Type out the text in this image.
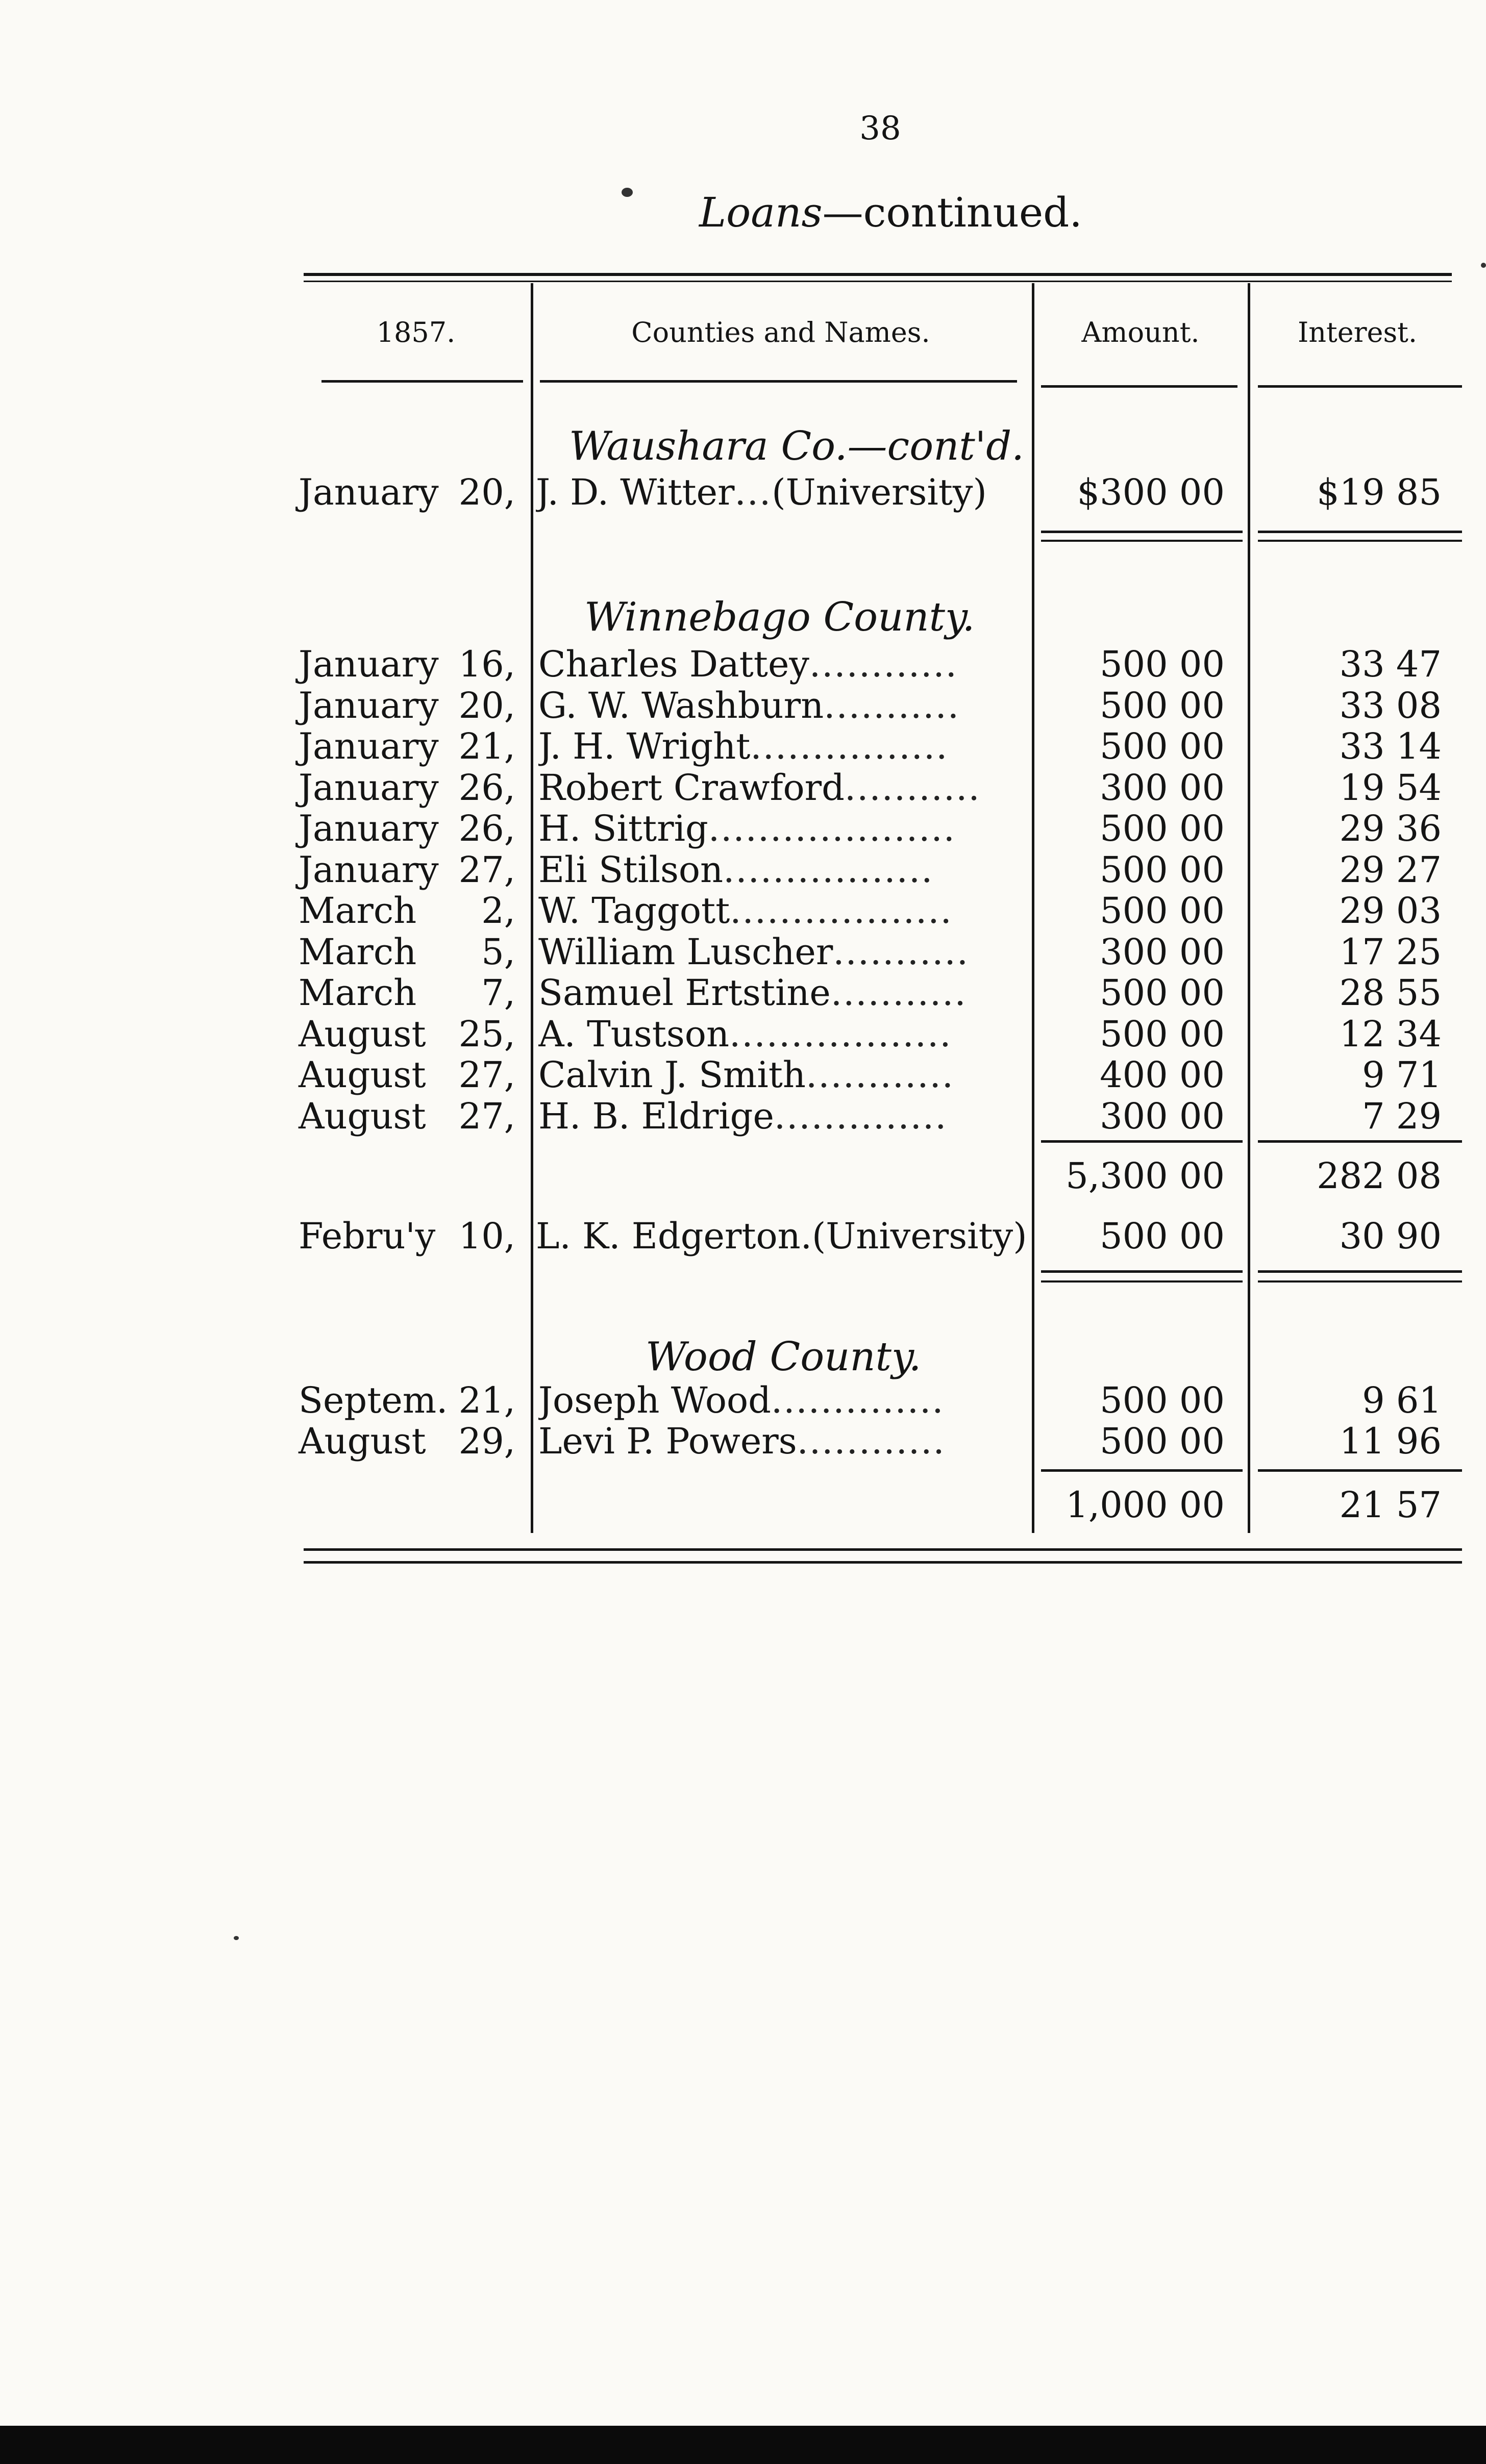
38
Loans—continued.
1857.	Counties and Names.	Amount.	Interest.
Waushara Co.—cont'd.
January 20, J. D. Witter...(University)	$300 00	$19 85
Winnebago County.
January 16, Charles Dattey............	500 00	33 47
January 20, G. W. Washburn...........	500 00	33 08
January 21, J. H. Wright................	500 00	33 14
January 26, Robert Crawford...........	300 00	19 54
January 26, H. Sittrig....................	500 00	29 36
January 27, Eli Stilson.................	500 00	29 27
March	2, W. Taggott..................	500 00	29 03
March	5, William Luscher...........	300 00	17 25
March	7, Samuel Ertstine...........	500 00	28 55
August 25, A. Tustson..................	500 00	12 34
August 27, Calvin J. Smith............	400 00	9 71
August 27, H. B. Eldrige..............	300 00	7 29
5,300 00	282 08
Febru'y 10, L. K. Edgerton.(University)	500 00	30 90
Wood County.
Septem. 21, Joseph Wood..............	500 00	9 61
August 29, Levi P. Powers............	500 00	11 96
1,000 00	21 57
